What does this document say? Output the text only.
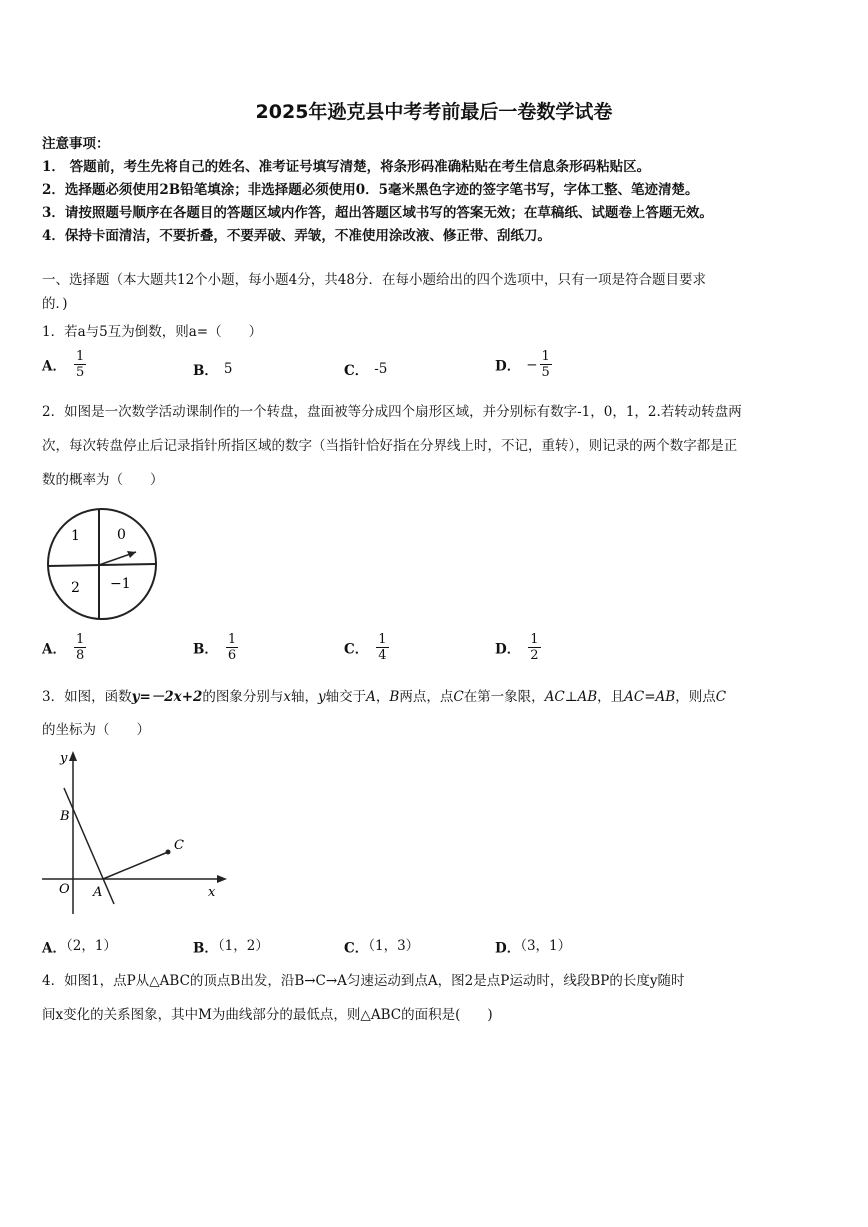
2025年逊克县中考考前最后一卷数学试卷
注意事项：
1． 答题前，考生先将自己的姓名、准考证号填写清楚，将条形码准确粘贴在考生信息条形码粘贴区。
2．选择题必须使用2B铅笔填涂；非选择题必须使用0．5毫米黑色字迹的签字笔书写，字体工整、笔迹清楚。
3．请按照题号顺序在各题目的答题区域内作答，超出答题区域书写的答案无效；在草稿纸、试题卷上答题无效。
4．保持卡面清洁，不要折叠，不要弄破、弄皱，不准使用涂改液、修正带、刮纸刀。
一、选择题（本大题共12个小题，每小题4分，共48分．在每小题给出的四个选项中，只有一项是符合题目要求
的．)
1．若a与5互为倒数，则a=（　　）
A． $\frac{1}{5}$	B． 5	C． -5	D． − $\frac{1}{5}$
2．如图是一次数学活动课制作的一个转盘，盘面被等分成四个扇形区域，并分别标有数字-1，0，1，2.若转动转盘两
次，每次转盘停止后记录指针所指区域的数字（当指针恰好指在分界线上时，不记，重转），则记录的两个数字都是正
数的概率为（　　）
1	0
2 −1
A． $\frac{1}{8}$	B． $\frac{1}{6}$	C． $\frac{1}{4}$	D． $\frac{1}{2}$
3．如图，函数y=－2x+2的图象分别与x轴，y轴交于A，B两点，点C在第一象限，AC⊥AB，且AC=AB，则点C
的坐标为（　　）
y
x
O A
B
C
A．（2，1）	B．（1，2）	C．（1，3）	D．（3，1）
4．如图1，点P从△ABC的顶点B出发，沿B→C→A匀速运动到点A，图2是点P运动时，线段BP的长度y随时
间x变化的关系图象，其中M为曲线部分的最低点，则△ABC的面积是(　　)
